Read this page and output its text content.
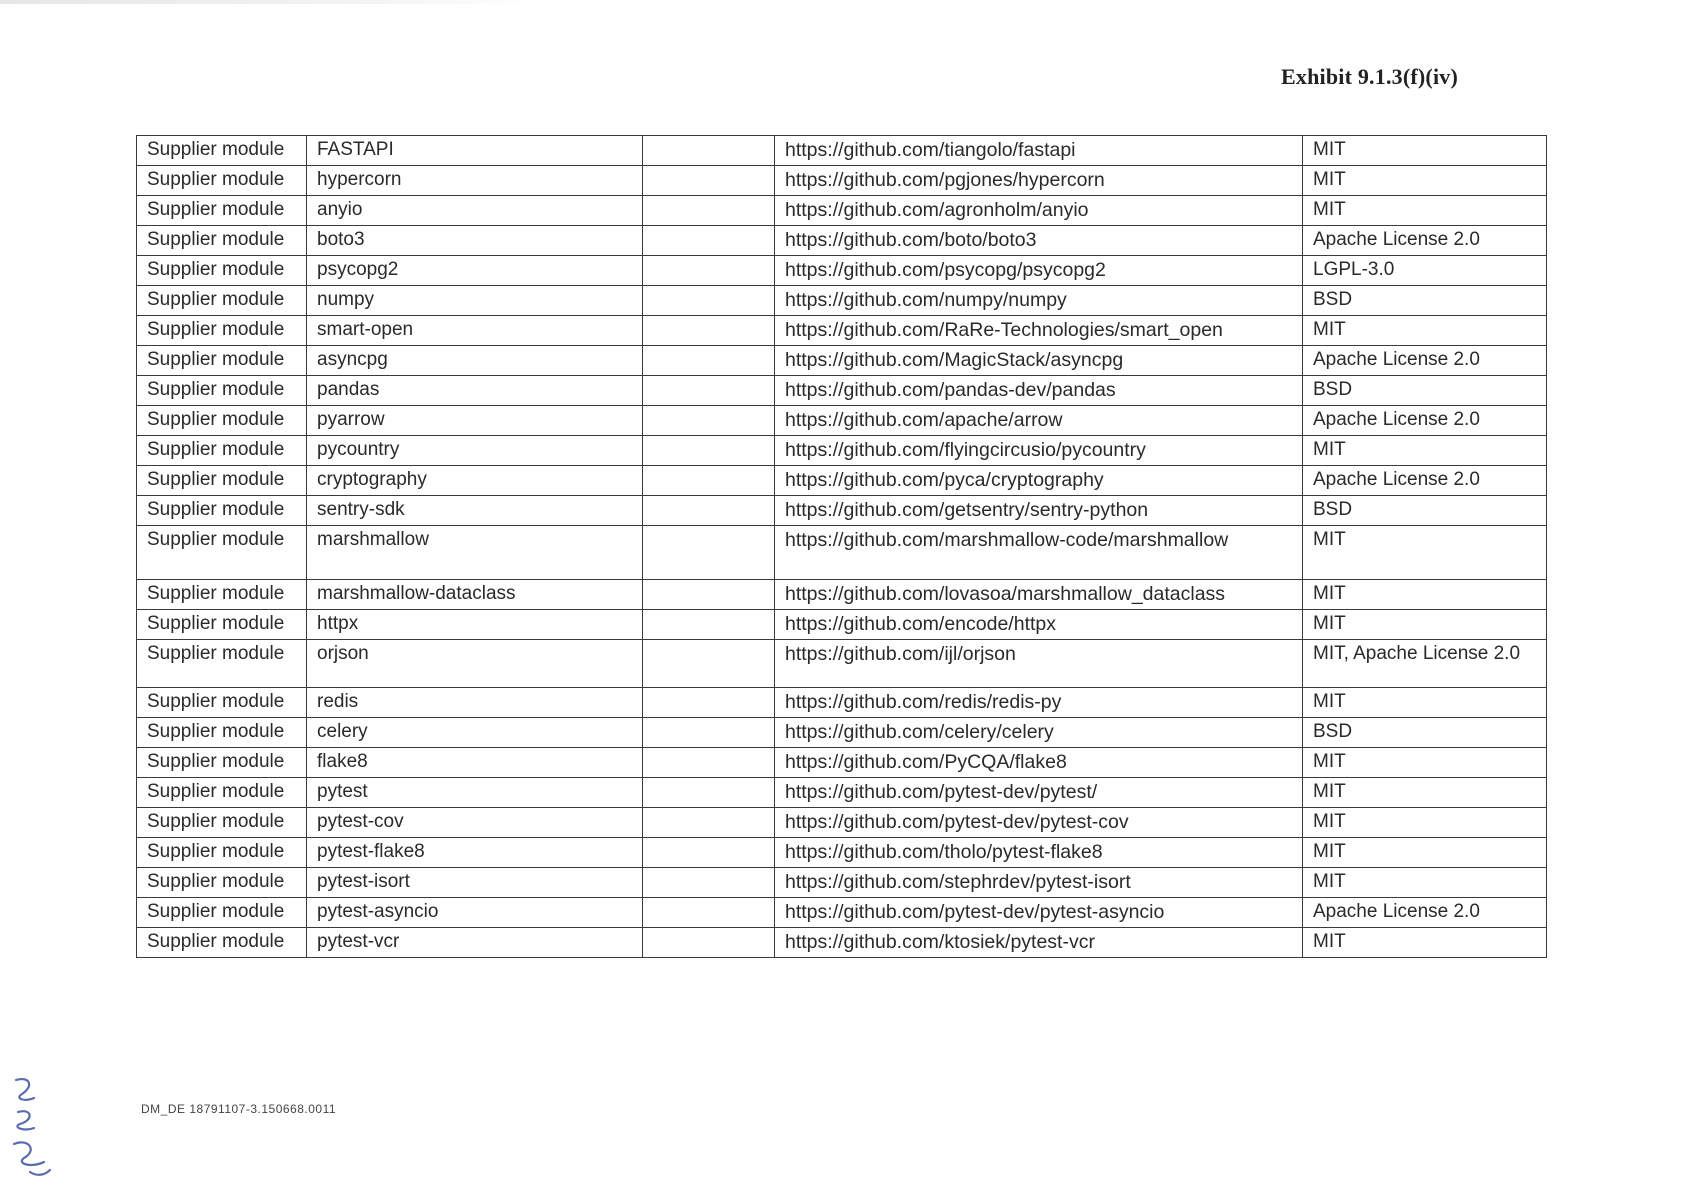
Exhibit 9.1.3(f)(iv)
Supplier module	FASTAPI		https://github.com/tiangolo/fastapi	MIT
Supplier module	hypercorn		https://github.com/pgjones/hypercorn	MIT
Supplier module	anyio		https://github.com/agronholm/anyio	MIT
Supplier module	boto3		https://github.com/boto/boto3	Apache License 2.0
Supplier module	psycopg2		https://github.com/psycopg/psycopg2	LGPL-3.0
Supplier module	numpy		https://github.com/numpy/numpy	BSD
Supplier module	smart-open		https://github.com/RaRe-Technologies/smart_open	MIT
Supplier module	asyncpg		https://github.com/MagicStack/asyncpg	Apache License 2.0
Supplier module	pandas		https://github.com/pandas-dev/pandas	BSD
Supplier module	pyarrow		https://github.com/apache/arrow	Apache License 2.0
Supplier module	pycountry		https://github.com/flyingcircusio/pycountry	MIT
Supplier module	cryptography		https://github.com/pyca/cryptography	Apache License 2.0
Supplier module	sentry-sdk		https://github.com/getsentry/sentry-python	BSD
Supplier module	marshmallow		https://github.com/marshmallow-code/marshmallow	MIT
Supplier module	marshmallow-dataclass		https://github.com/lovasoa/marshmallow_dataclass	MIT
Supplier module	httpx		https://github.com/encode/httpx	MIT
Supplier module	orjson		https://github.com/ijl/orjson	MIT, Apache License 2.0
Supplier module	redis		https://github.com/redis/redis-py	MIT
Supplier module	celery		https://github.com/celery/celery	BSD
Supplier module	flake8		https://github.com/PyCQA/flake8	MIT
Supplier module	pytest		https://github.com/pytest-dev/pytest/	MIT
Supplier module	pytest-cov		https://github.com/pytest-dev/pytest-cov	MIT
Supplier module	pytest-flake8		https://github.com/tholo/pytest-flake8	MIT
Supplier module	pytest-isort		https://github.com/stephrdev/pytest-isort	MIT
Supplier module	pytest-asyncio		https://github.com/pytest-dev/pytest-asyncio	Apache License 2.0
Supplier module	pytest-vcr		https://github.com/ktosiek/pytest-vcr	MIT
DM_DE 18791107-3.150668.0011
